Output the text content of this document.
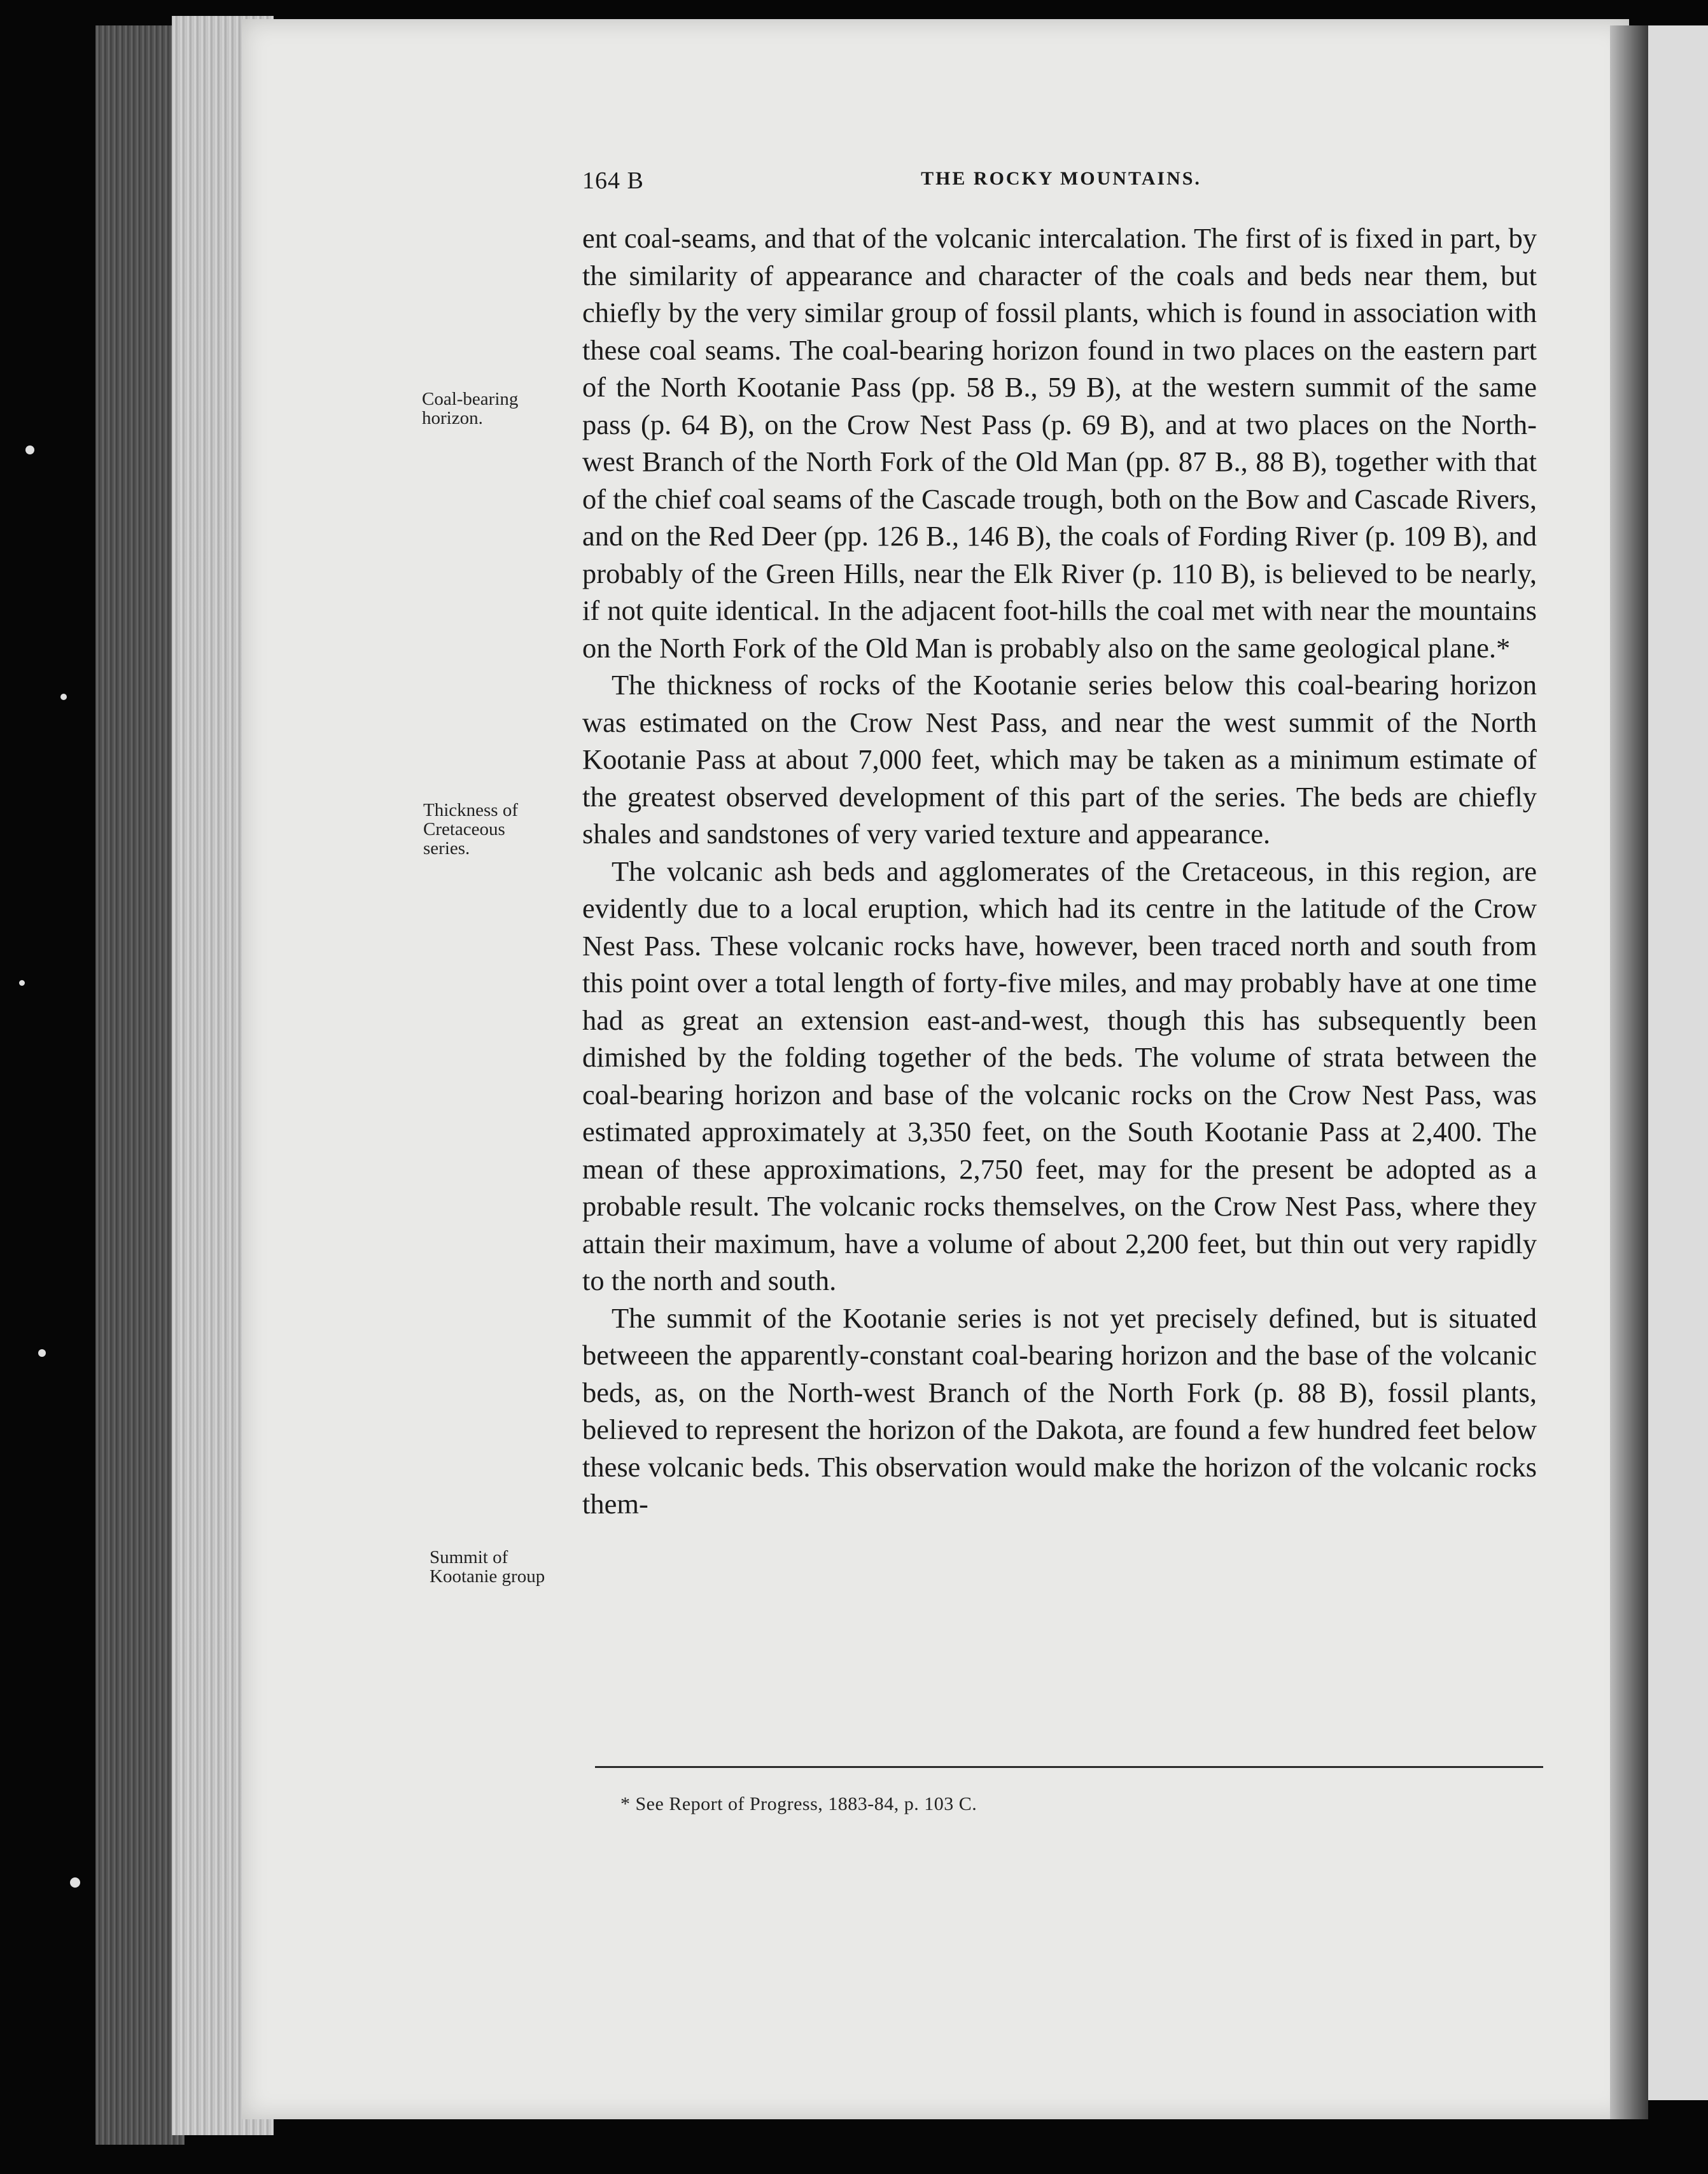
164 B	THE ROCKY MOUNTAINS.
Coal-bearing
horizon.
Thickness of
Cretaceous
series.
Summit of
Kootanie group

ent coal-seams, and that of the volcanic intercalation. The first of is fixed in part, by the similarity of appearance and character of the coals and beds near them, but chiefly by the very similar group of fossil plants, which is found in association with these coal seams. The coal-bearing horizon found in two places on the eastern part of the North Kootanie Pass (pp. 58 B., 59 B), at the western summit of the same pass (p. 64 B), on the Crow Nest Pass (p. 69 B), and at two places on the North-west Branch of the North Fork of the Old Man (pp. 87 B., 88 B), together with that of the chief coal seams of the Cascade trough, both on the Bow and Cascade Rivers, and on the Red Deer (pp. 126 B., 146 B), the coals of Fording River (p. 109 B), and probably of the Green Hills, near the Elk River (p. 110 B), is believed to be nearly, if not quite identical. In the adjacent foot-hills the coal met with near the mountains on the North Fork of the Old Man is probably also on the same geological plane.*

The thickness of rocks of the Kootanie series below this coal-bearing horizon was estimated on the Crow Nest Pass, and near the west summit of the North Kootanie Pass at about 7,000 feet, which may be taken as a minimum estimate of the greatest observed development of this part of the series. The beds are chiefly shales and sandstones of very varied texture and appearance.

The volcanic ash beds and agglomerates of the Cretaceous, in this region, are evidently due to a local eruption, which had its centre in the latitude of the Crow Nest Pass. These volcanic rocks have, however, been traced north and south from this point over a total length of forty-five miles, and may probably have at one time had as great an extension east-and-west, though this has subsequently been dimished by the folding together of the beds. The volume of strata between the coal-bearing horizon and base of the volcanic rocks on the Crow Nest Pass, was estimated approximately at 3,350 feet, on the South Kootanie Pass at 2,400. The mean of these approximations, 2,750 feet, may for the present be adopted as a probable result. The volcanic rocks themselves, on the Crow Nest Pass, where they attain their maximum, have a volume of about 2,200 feet, but thin out very rapidly to the north and south.

The summit of the Kootanie series is not yet precisely defined, but is situated betweeen the apparently-constant coal-bearing horizon and the base of the volcanic beds, as, on the North-west Branch of the North Fork (p. 88 B), fossil plants, believed to represent the horizon of the Dakota, are found a few hundred feet below these volcanic beds. This observation would make the horizon of the volcanic rocks them-

* See Report of Progress, 1883-84, p. 103 C.
